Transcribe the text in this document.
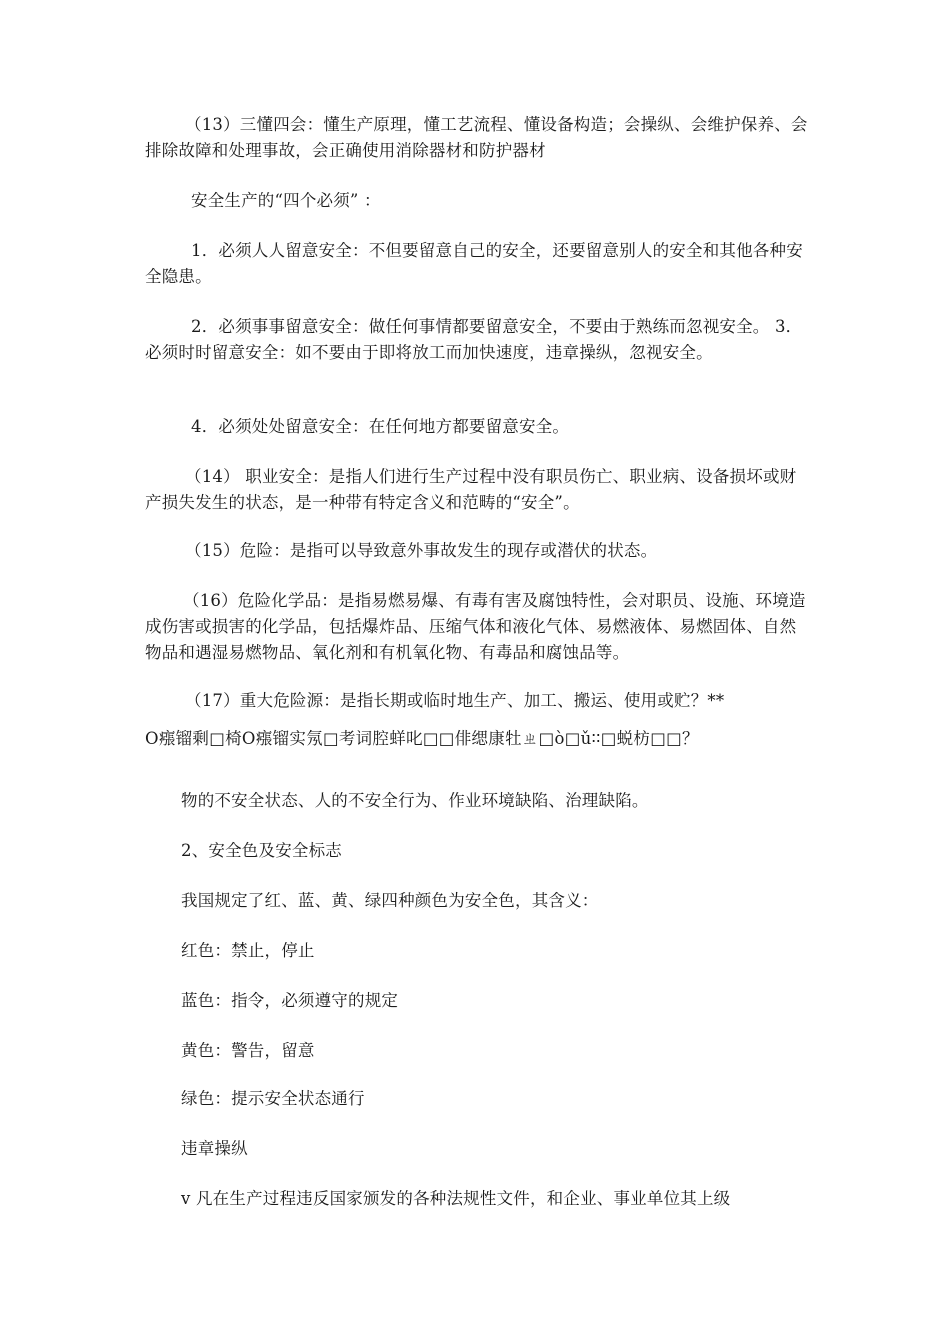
（13）三懂四会：懂生产原理，懂工艺流程、懂设备构造；会操纵、会维护保养、会排除故障和处理事故，会正确使用消除器材和防护器材

安全生产的“四个必须” ：

1．必须人人留意安全：不但要留意自己的安全，还要留意别人的安全和其他各种安全隐患。

2．必须事事留意安全：做任何事情都要留意安全，不要由于熟练而忽视安全。 3．必须时时留意安全：如不要由于即将放工而加快速度，违章操纵，忽视安全。

4．必须处处留意安全：在任何地方都要留意安全。

（14） 职业安全：是指人们进行生产过程中没有职员伤亡、职业病、设备损坏或财产损失发生的状态，是一种带有特定含义和范畴的“安全”。

（15）危险：是指可以导致意外事故发生的现存或潜伏的状态。

（16）危险化学品：是指易燃易爆、有毒有害及腐蚀特性，会对职员、设施、环境造成伤害或损害的化学品，包括爆炸品、压缩气体和液化气体、易燃液体、易燃固体、自然物品和遇湿易燃物品、氧化剂和有机氧化物、有毒品和腐蚀品等。

（17）重大危险源：是指长期或临时地生产、加工、搬运、使用或贮？**

О瘬镏剩□椅О瘬镏实氖□考词腔蛘叱□□俳缌康牡ㄓ□ò□ǔ∶∶□蜕枋□□？

物的不安全状态、人的不安全行为、作业环境缺陷、治理缺陷。

2、安全色及安全标志

我国规定了红、蓝、黄、绿四种颜色为安全色，其含义：

红色：禁止，停止

蓝色：指令，必须遵守的规定

黄色：警告，留意

绿色：提示安全状态通行

违章操纵

v 凡在生产过程违反国家颁发的各种法规性文件，和企业、事业单位其上级
